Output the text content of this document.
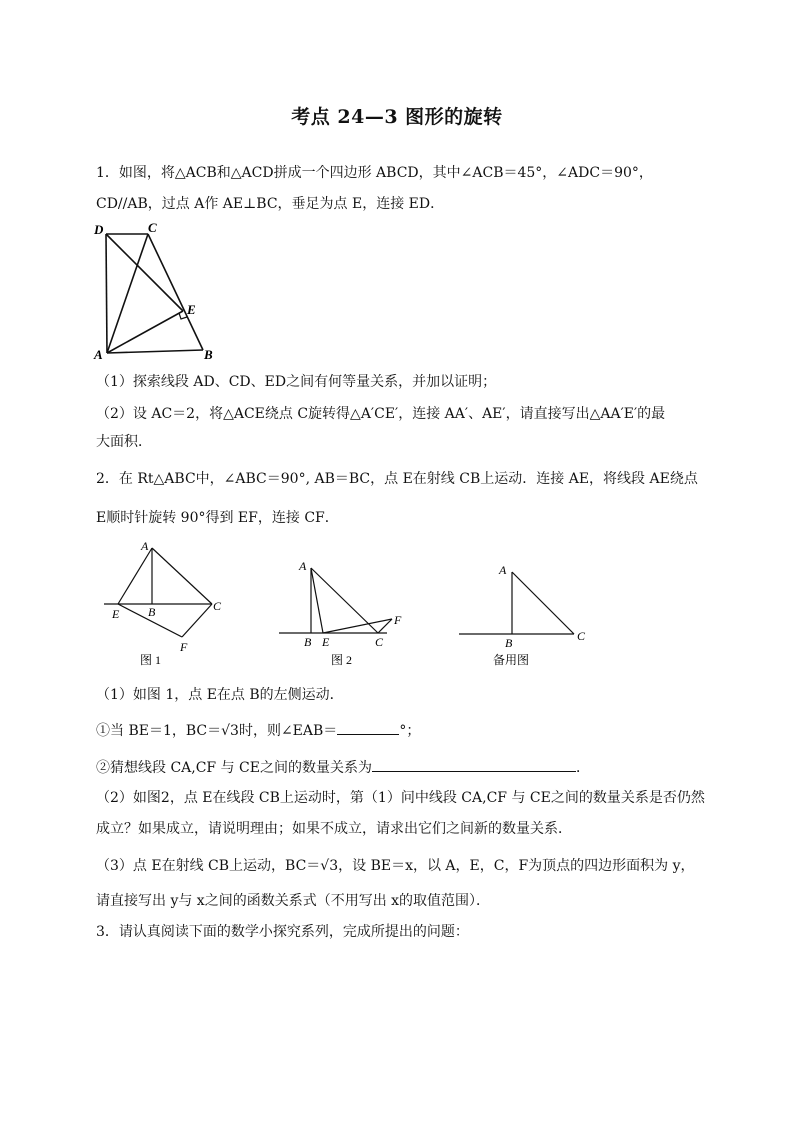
考点 24—3 图形的旋转
1．如图，将△ACB和△ACD拼成一个四边形 ABCD，其中∠ACB＝45°，∠ADC＝90°，
CD//AB，过点 A作 AE⊥BC，垂足为点 E，连接 ED．
D	C
E
A	B
（1）探索线段 AD、CD、ED之间有何等量关系，并加以证明；
（2）设 AC＝2，将△ACE绕点 C旋转得△A′CE′，连接 AA′、AE′，请直接写出△AA′E′的最
大面积．
2．在 Rt△ABC中，∠ABC＝90°, AB＝BC，点 E在射线 CB上运动．连接 AE，将线段 AE绕点
E顺时针旋转 90°得到 EF，连接 CF．
A
E B	C
F
图 1
A
B E	C
F
图 2
A
B	C
备用图
（1）如图 1，点 E在点 B的左侧运动．
①当 BE＝1，BC＝√3时，则∠EAB＝	°；
②猜想线段 CA,CF 与 CE之间的数量关系为	．
（2）如图2，点 E在线段 CB上运动时，第（1）问中线段 CA,CF 与 CE之间的数量关系是否仍然
成立？如果成立，请说明理由；如果不成立，请求出它们之间新的数量关系．
（3）点 E在射线 CB上运动，BC＝√3，设 BE＝x，以 A，E，C，F为顶点的四边形面积为 y，
请直接写出 y与 x之间的函数关系式（不用写出 x的取值范围）．
3．请认真阅读下面的数学小探究系列，完成所提出的问题：
